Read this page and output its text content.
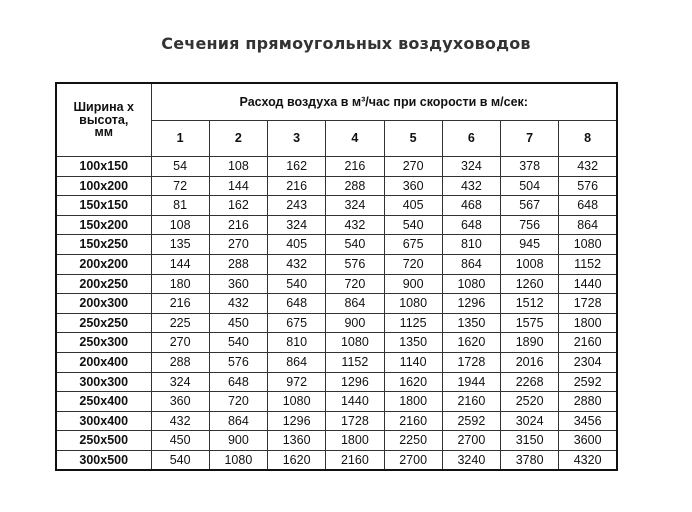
Сечения прямоугольных воздуховодов
Ширина х
высота,
мм	Расход воздуха в м³/час при скорости в м/сек:							
	1	2	3	4	5	6	7	8
100x150	54	108	162	216	270	324	378	432
100x200	72	144	216	288	360	432	504	576
150x150	81	162	243	324	405	468	567	648
150x200	108	216	324	432	540	648	756	864
150x250	135	270	405	540	675	810	945	1080
200x200	144	288	432	576	720	864	1008	1152
200x250	180	360	540	720	900	1080	1260	1440
200x300	216	432	648	864	1080	1296	1512	1728
250x250	225	450	675	900	1125	1350	1575	1800
250x300	270	540	810	1080	1350	1620	1890	2160
200x400	288	576	864	1152	1140	1728	2016	2304
300x300	324	648	972	1296	1620	1944	2268	2592
250x400	360	720	1080	1440	1800	2160	2520	2880
300x400	432	864	1296	1728	2160	2592	3024	3456
250x500	450	900	1360	1800	2250	2700	3150	3600
300x500	540	1080	1620	2160	2700	3240	3780	4320
